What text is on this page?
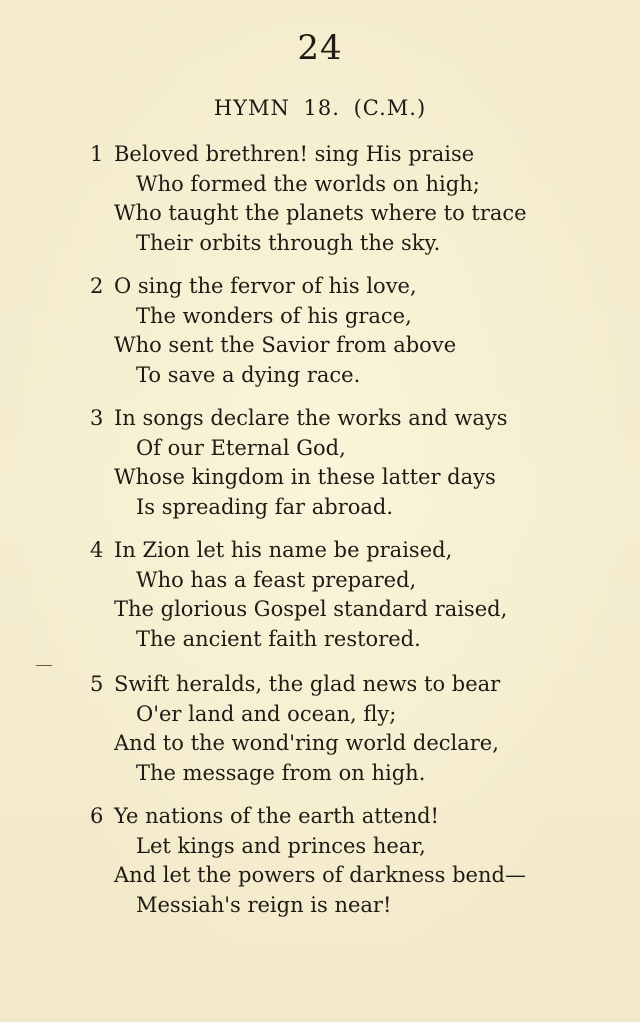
24
HYMN 18. (C.M.)
1 Beloved brethren! sing His praise
Who formed the worlds on high;
Who taught the planets where to trace
Their orbits through the sky.
2 O sing the fervor of his love,
The wonders of his grace,
Who sent the Savior from above
To save a dying race.
3 In songs declare the works and ways
Of our Eternal God,
Whose kingdom in these latter days
Is spreading far abroad.
4 In Zion let his name be praised,
Who has a feast prepared,
The glorious Gospel standard raised,
The ancient faith restored.
5 Swift heralds, the glad news to bear
O'er land and ocean, fly;
And to the wond'ring world declare,
The message from on high.
6 Ye nations of the earth attend!
Let kings and princes hear,
And let the powers of darkness bend—
Messiah's reign is near!
